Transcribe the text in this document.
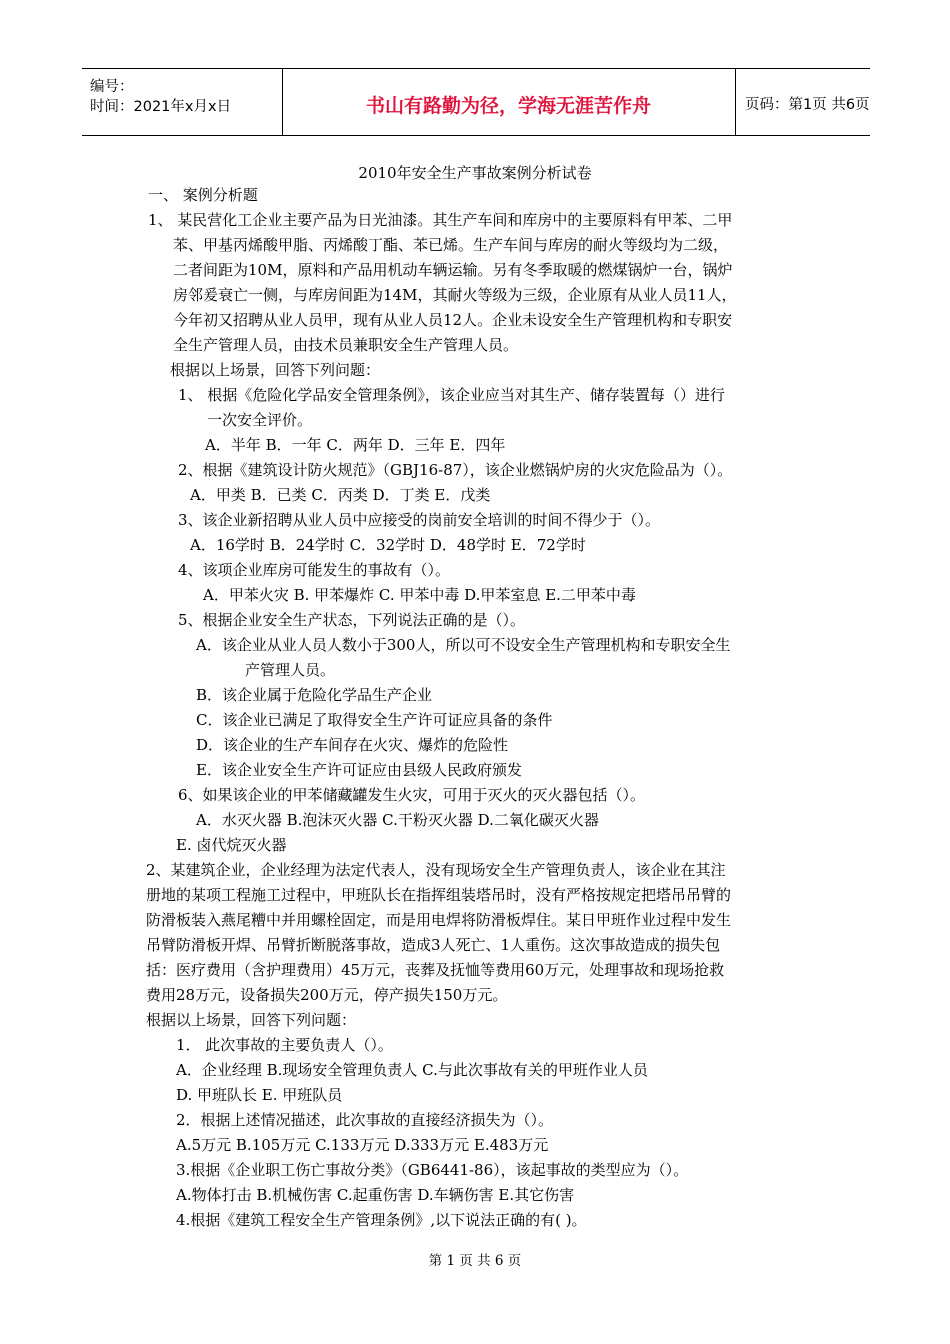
编号：
时间：2021年x月x日	书山有路勤为径，学海无涯苦作舟	页码：第1页 共6页
2010年安全生产事故案例分析试卷
一、 案例分析题
1、 某民营化工企业主要产品为日光油漆。其生产车间和库房中的主要原料有甲苯、二甲
苯、甲基丙烯酸甲脂、丙烯酸丁酯、苯已烯。生产车间与库房的耐火等级均为二级，
二者间距为10M，原料和产品用机动车辆运输。另有冬季取暖的燃煤锅炉一台，锅炉
房邻爰衰亡一侧，与库房间距为14M，其耐火等级为三级，企业原有从业人员11人，
今年初又招聘从业人员甲，现有从业人员12人。企业未设安全生产管理机构和专职安
全生产管理人员，由技术员兼职安全生产管理人员。
根据以上场景，回答下列问题：
1、 根据《危险化学品安全管理条例》，该企业应当对其生产、储存装置每（）进行
一次安全评价。
A．半年 B．一年 C．两年 D．三年 E．四年
2、根据《建筑设计防火规范》（GBJ16-87），该企业燃锅炉房的火灾危险品为（）。
A．甲类 B．已类 C．丙类 D．丁类 E．戊类
3、该企业新招聘从业人员中应接受的岗前安全培训的时间不得少于（）。
A．16学时 B．24学时 C．32学时 D．48学时 E．72学时
4、该项企业库房可能发生的事故有（）。
A．甲苯火灾 B. 甲苯爆炸 C. 甲苯中毒 D.甲苯室息 E.二甲苯中毒
5、根据企业安全生产状态，下列说法正确的是（）。
A．该企业从业人员人数小于300人，所以可不设安全生产管理机构和专职安全生
产管理人员。
B．该企业属于危险化学品生产企业
C．该企业已满足了取得安全生产许可证应具备的条件
D．该企业的生产车间存在火灾、爆炸的危险性
E．该企业安全生产许可证应由县级人民政府颁发
6、如果该企业的甲苯储藏罐发生火灾，可用于灭火的灭火器包括（）。
A．水灭火器 B.泡沫灭火器 C.干粉灭火器 D.二氧化碳灭火器
E. 卤代烷灭火器
2、某建筑企业，企业经理为法定代表人，没有现场安全生产管理负责人，该企业在其注
册地的某项工程施工过程中，甲班队长在指挥组装塔吊时，没有严格按规定把塔吊吊臂的
防滑板装入燕尾糟中并用螺栓固定，而是用电焊将防滑板焊住。某日甲班作业过程中发生
吊臂防滑板开焊、吊臂折断脱落事故，造成3人死亡、1人重伤。这次事故造成的损失包
括：医疗费用（含护理费用）45万元，丧葬及抚恤等费用60万元，处理事故和现场抢救
费用28万元，设备损失200万元，停产损失150万元。
根据以上场景，回答下列问题：
1． 此次事故的主要负责人（）。
A．企业经理 B.现场安全管理负责人 C.与此次事故有关的甲班作业人员
D. 甲班队长 E. 甲班队员
2．根据上述情况描述，此次事故的直接经济损失为（）。
A.5万元 B.105万元 C.133万元 D.333万元 E.483万元
3.根据《企业职工伤亡事故分类》（GB6441-86），该起事故的类型应为（）。
A.物体打击 B.机械伤害 C.起重伤害 D.车辆伤害 E.其它伤害
4.根据《建筑工程安全生产管理条例》,以下说法正确的有( )。
第 1 页 共 6 页
